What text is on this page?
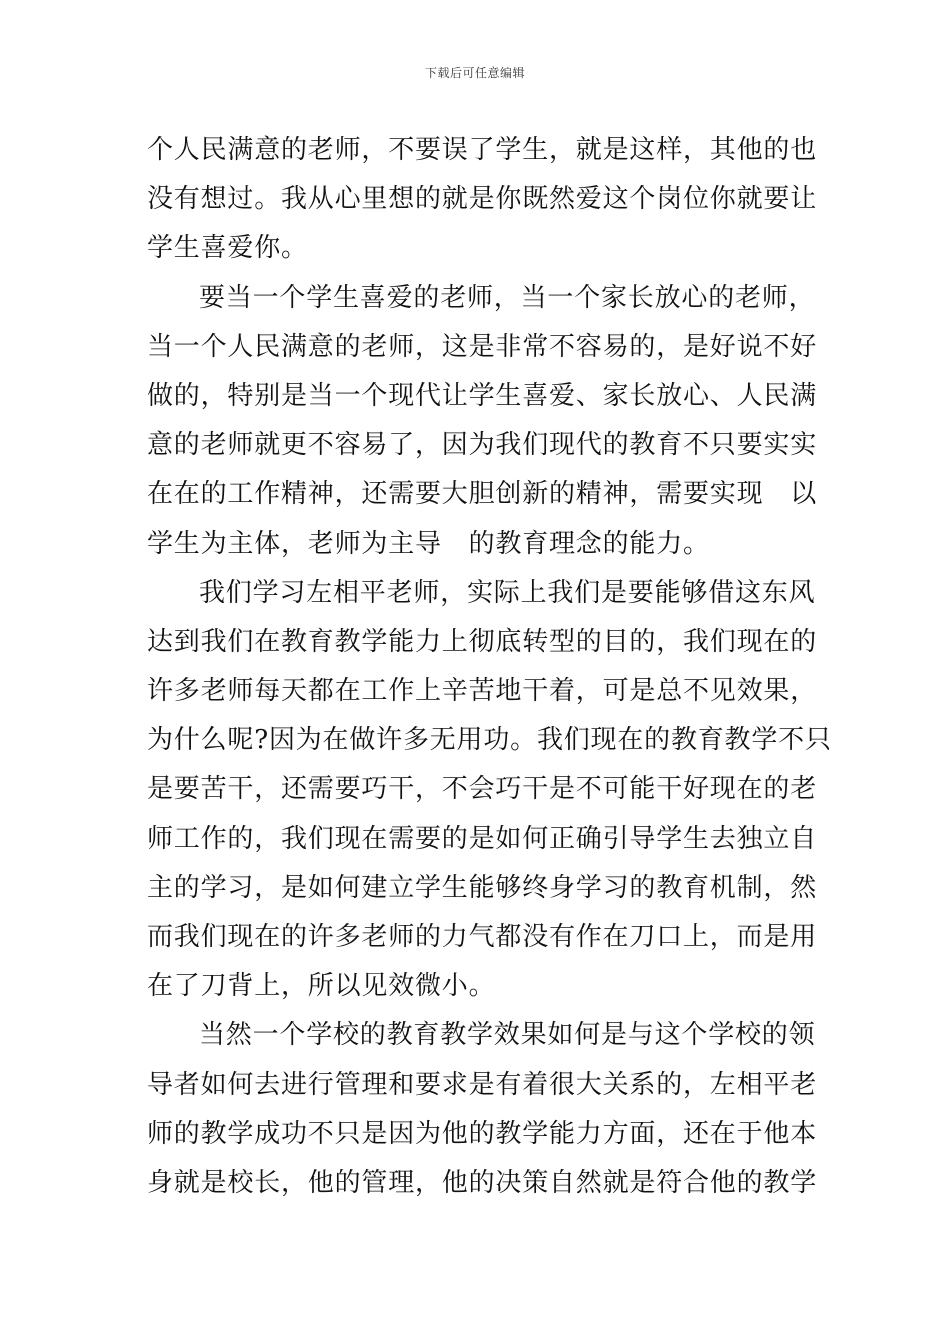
下载后可任意编辑
个人民满意的老师，不要误了学生，就是这样，其他的也
没有想过。我从心里想的就是你既然爱这个岗位你就要让
学生喜爱你。
要当一个学生喜爱的老师，当一个家长放心的老师，
当一个人民满意的老师，这是非常不容易的，是好说不好
做的，特别是当一个现代让学生喜爱、家长放心、人民满
意的老师就更不容易了，因为我们现代的教育不只要实实
在在的工作精神，还需要大胆创新的精神，需要实现　以
学生为主体，老师为主导　的教育理念的能力。
我们学习左相平老师，实际上我们是要能够借这东风
达到我们在教育教学能力上彻底转型的目的，我们现在的
许多老师每天都在工作上辛苦地干着，可是总不见效果，
为什么呢?因为在做许多无用功。我们现在的教育教学不只
是要苦干，还需要巧干，不会巧干是不可能干好现在的老
师工作的，我们现在需要的是如何正确引导学生去独立自
主的学习，是如何建立学生能够终身学习的教育机制，然
而我们现在的许多老师的力气都没有作在刀口上，而是用
在了刀背上，所以见效微小。
当然一个学校的教育教学效果如何是与这个学校的领
导者如何去进行管理和要求是有着很大关系的，左相平老
师的教学成功不只是因为他的教学能力方面，还在于他本
身就是校长，他的管理，他的决策自然就是符合他的教学
